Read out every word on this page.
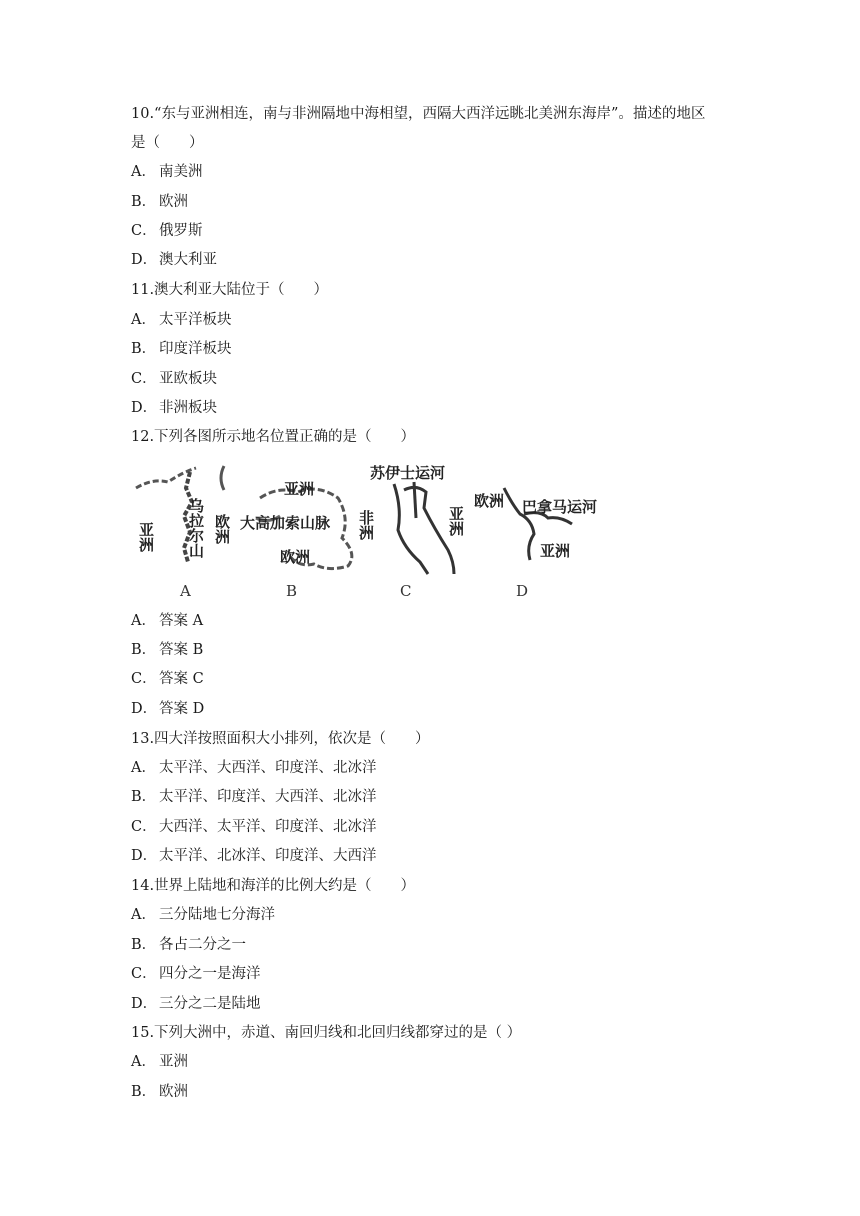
10.“东与亚洲相连，南与非洲隔地中海相望，西隔大西洋远眺北美洲东海岸”。描述的地区
是（　　）
A． 南美洲
B． 欧洲
C． 俄罗斯
D． 澳大利亚
11.澳大利亚大陆位于（　　）
A． 太平洋板块
B． 印度洋板块
C． 亚欧板块
D． 非洲板块
12.下列各图所示地名位置正确的是（　　）
亚洲 乌拉尔山 欧洲
A
亚洲
大高加索山脉
欧洲
B
苏伊士运河
非洲	亚洲
C
欧洲 巴拿马运河
亚洲
D
A． 答案 A
B． 答案 B
C． 答案 C
D． 答案 D
13.四大洋按照面积大小排列，依次是（　　）
A． 太平洋、大西洋、印度洋、北冰洋
B． 太平洋、印度洋、大西洋、北冰洋
C． 大西洋、太平洋、印度洋、北冰洋
D． 太平洋、北冰洋、印度洋、大西洋
14.世界上陆地和海洋的比例大约是（　　）
A． 三分陆地七分海洋
B． 各占二分之一
C． 四分之一是海洋
D． 三分之二是陆地
15.下列大洲中，赤道、南回归线和北回归线都穿过的是（ ）
A． 亚洲
B． 欧洲
